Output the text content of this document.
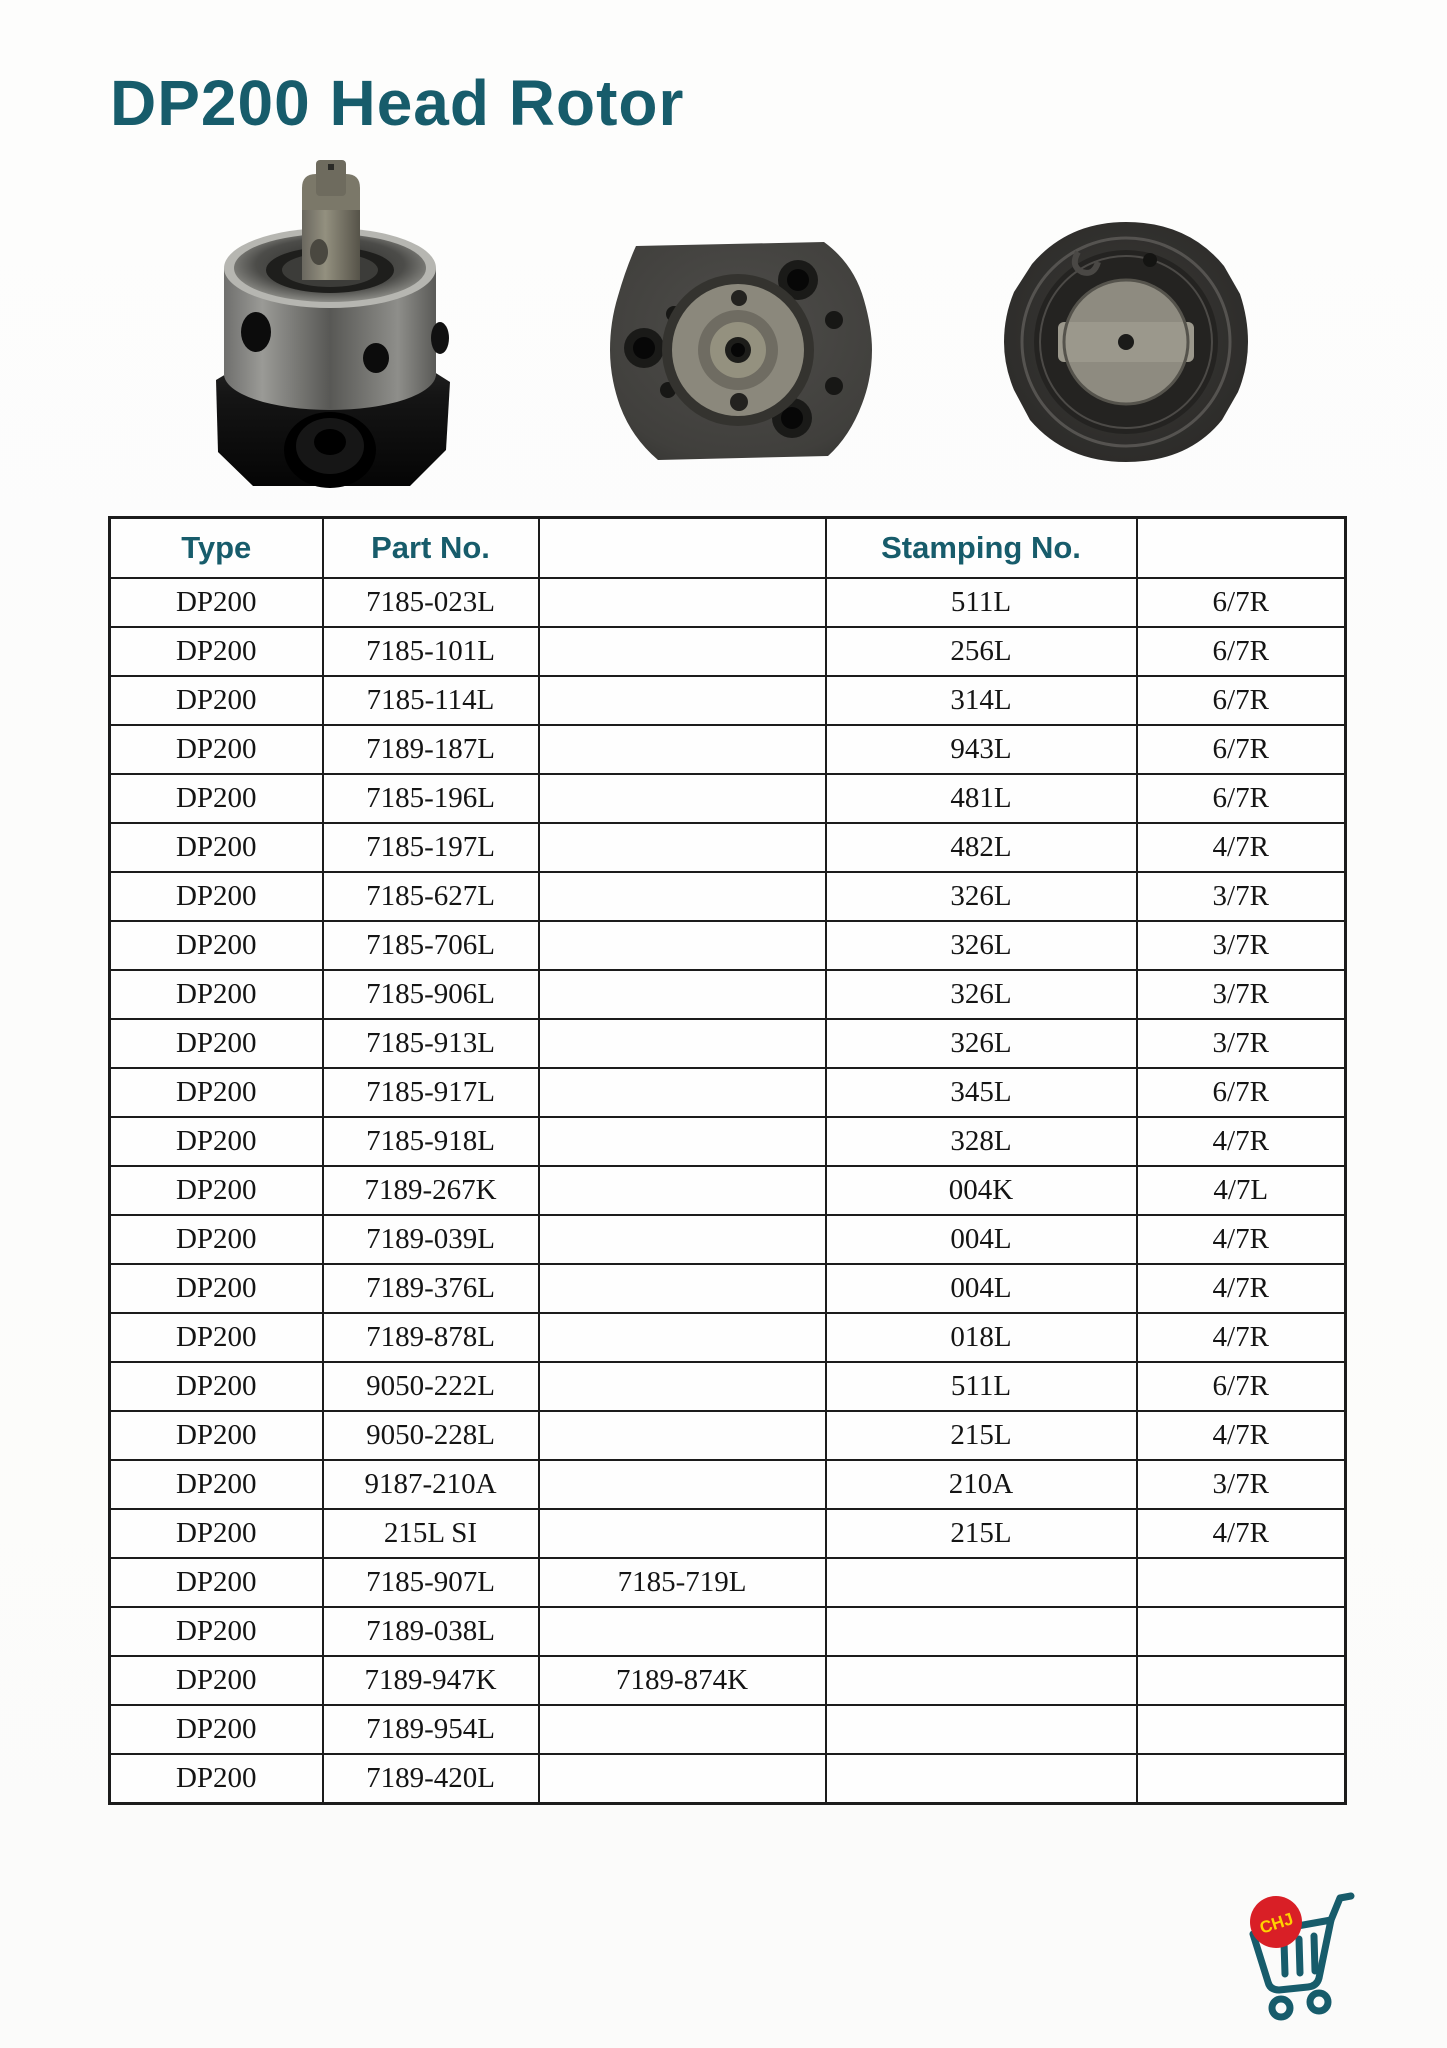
DP200 Head Rotor
Type	Part No.		Stamping No.	
DP200	7185-023L		511L	6/7R
DP200	7185-101L		256L	6/7R
DP200	7185-114L		314L	6/7R
DP200	7189-187L		943L	6/7R
DP200	7185-196L		481L	6/7R
DP200	7185-197L		482L	4/7R
DP200	7185-627L		326L	3/7R
DP200	7185-706L		326L	3/7R
DP200	7185-906L		326L	3/7R
DP200	7185-913L		326L	3/7R
DP200	7185-917L		345L	6/7R
DP200	7185-918L		328L	4/7R
DP200	7189-267K		004K	4/7L
DP200	7189-039L		004L	4/7R
DP200	7189-376L		004L	4/7R
DP200	7189-878L		018L	4/7R
DP200	9050-222L		511L	6/7R
DP200	9050-228L		215L	4/7R
DP200	9187-210A		210A	3/7R
DP200	215L SI		215L	4/7R
DP200	7185-907L	7185-719L		
DP200	7189-038L			
DP200	7189-947K	7189-874K		
DP200	7189-954L			
DP200	7189-420L			
CHJ
